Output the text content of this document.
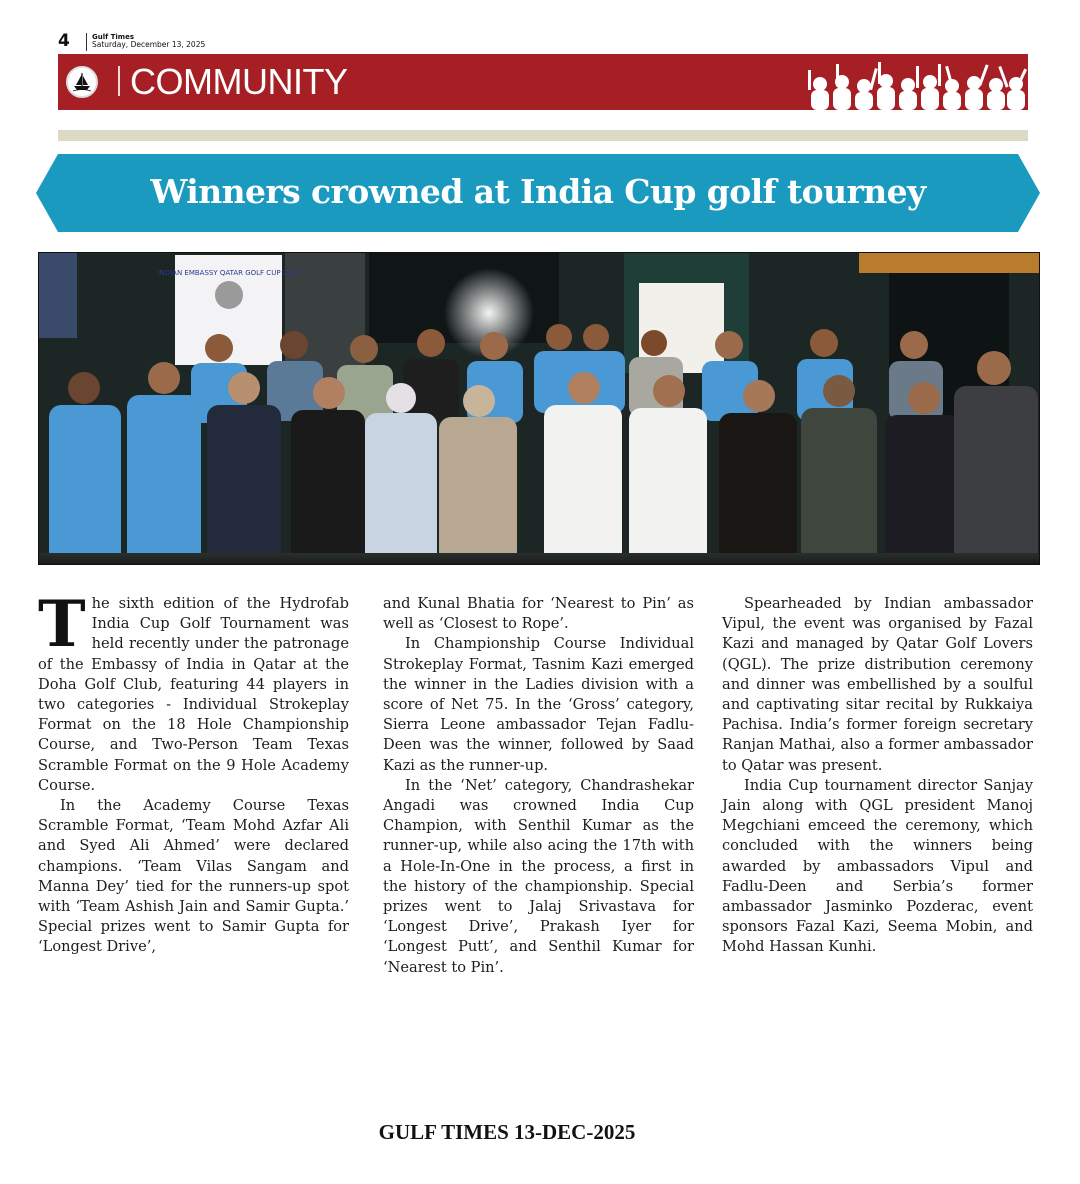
4	Gulf Times
Saturday, December 13, 2025
COMMUNITY
Winners crowned at India Cup golf tourney
INDIAN EMBASSY QATAR GOLF CUP 2025

The sixth edition of the Hydrofab India Cup Golf Tournament was held recently under the patronage of the Embassy of India in Qatar at the Doha Golf Club, featuring 44 players in two categories - Individual Strokeplay Format on the 18 Hole Championship Course, and Two-Person Team Texas Scramble Format on the 9 Hole Academy Course.

In the Academy Course Texas Scramble Format, ‘Team Mohd Azfar Ali and Syed Ali Ahmed’ were declared champions. ‘Team Vilas Sangam and Manna Dey’ tied for the runners-up spot with ‘Team Ashish Jain and Samir Gupta.’ Special prizes went to Samir Gupta for ‘Longest Drive’,

and Kunal Bhatia for ‘Nearest to Pin’ as well as ‘Closest to Rope’.

In Championship Course Individual Strokeplay Format, Tasnim Kazi emerged the winner in the Ladies division with a score of Net 75. In the ‘Gross’ category, Sierra Leone ambassador Tejan Fadlu-Deen was the winner, followed by Saad Kazi as the runner-up.

In the ‘Net’ category, Chandrashekar Angadi was crowned India Cup Champion, with Senthil Kumar as the runner-up, while also acing the 17th with a Hole-In-One in the process, a first in the history of the championship. Special prizes went to Jalaj Srivastava for ‘Longest Drive’, Prakash Iyer for ‘Longest Putt’, and Senthil Kumar for ‘Nearest to Pin’.

Spearheaded by Indian ambassador Vipul, the event was organised by Fazal Kazi and managed by Qatar Golf Lovers (QGL). The prize distribution ceremony and dinner was embellished by a soulful and captivating sitar recital by Rukkaiya Pachisa. India’s former foreign secretary Ranjan Mathai, also a former ambassador to Qatar was present.

India Cup tournament director Sanjay Jain along with QGL president Manoj Megchiani emceed the ceremony, which concluded with the winners being awarded by ambassadors Vipul and Fadlu-Deen and Serbia’s former ambassador Jasminko Pozderac, event sponsors Fazal Kazi, Seema Mobin, and Mohd Hassan Kunhi.

GULF TIMES 13-DEC-2025
